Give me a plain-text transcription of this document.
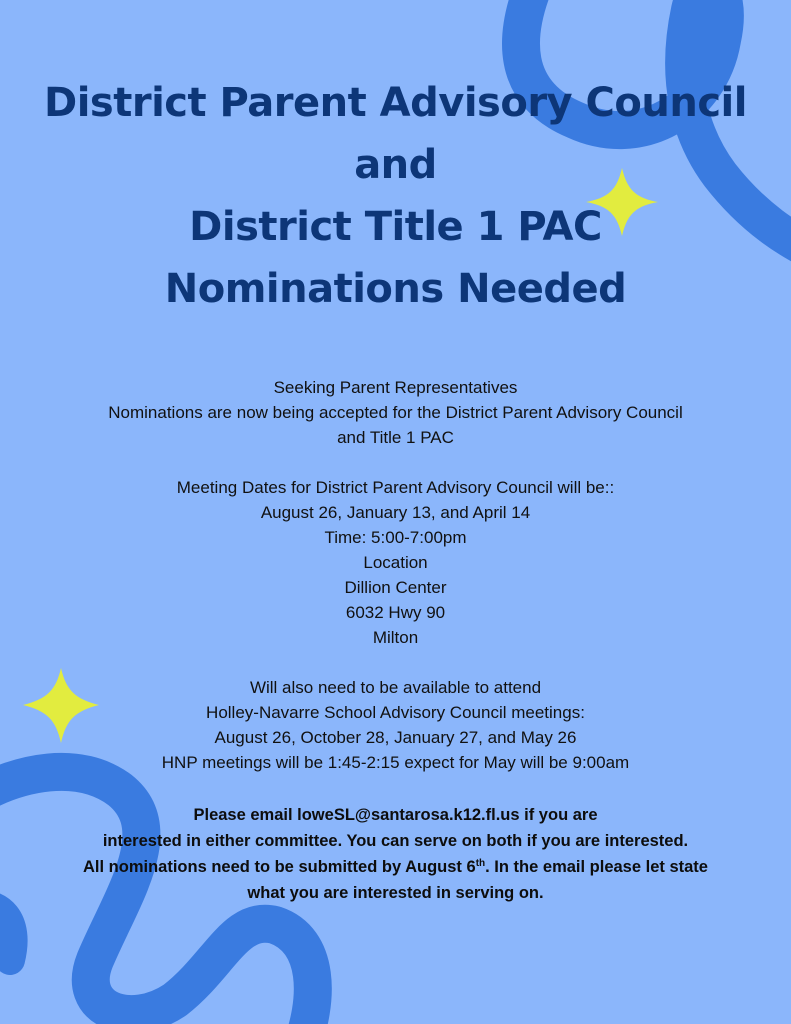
District Parent Advisory Council
and
District Title 1 PAC
Nominations Needed
Seeking Parent Representatives
Nominations are now being accepted for the District Parent Advisory Council
and Title 1 PAC
Meeting Dates for District Parent Advisory Council will be::
August 26, January 13, and April 14
Time: 5:00-7:00pm
Location
Dillion Center
6032 Hwy 90
Milton
Will also need to be available to attend
Holley-Navarre School Advisory Council meetings:
August 26, October 28, January 27, and May 26
HNP meetings will be 1:45-2:15 expect for May will be 9:00am
Please email loweSL@santarosa.k12.fl.us if you are
interested in either committee. You can serve on both if you are interested.
All nominations need to be submitted by August 6th. In the email please let state
what you are interested in serving on.
